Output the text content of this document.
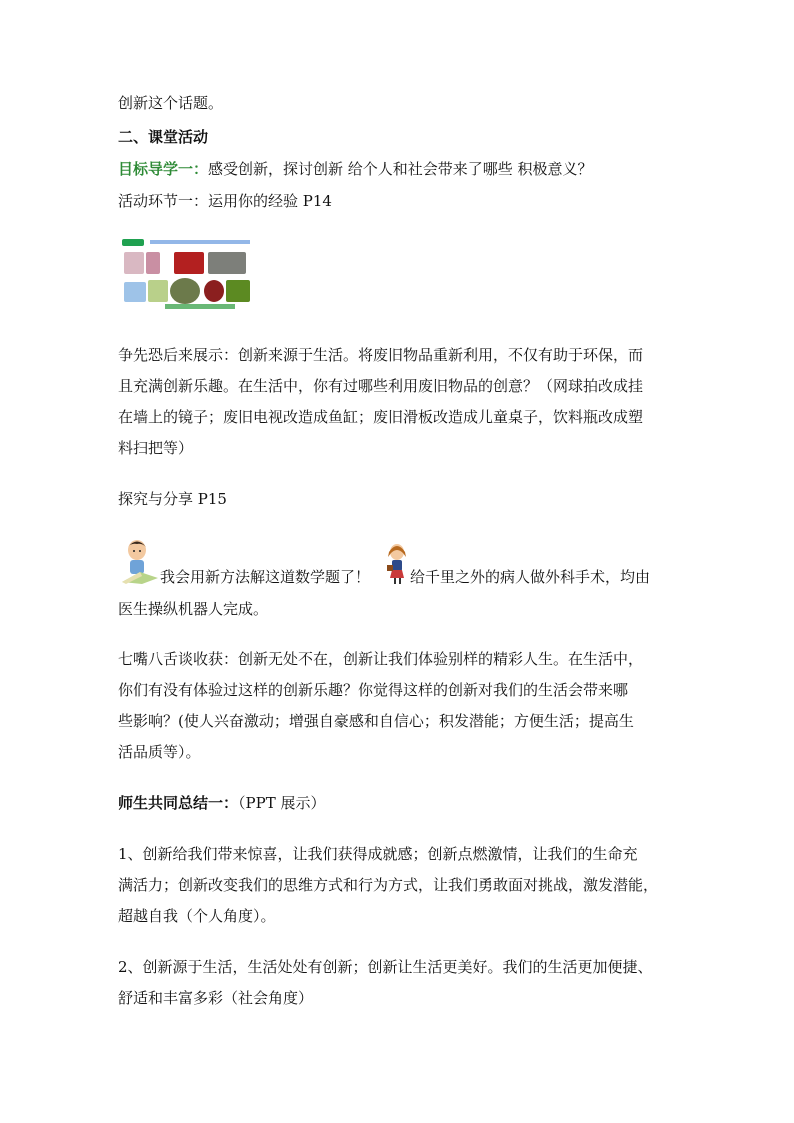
创新这个话题。
二、课堂活动
目标导学一：感受创新，探讨创新 给个人和社会带来了哪些 积极意义？
活动环节一：运用你的经验 P14
争先恐后来展示：创新来源于生活。将废旧物品重新利用，不仅有助于环保，而
且充满创新乐趣。在生活中，你有过哪些利用废旧物品的创意？（网球拍改成挂
在墙上的镜子；废旧电视改造成鱼缸；废旧滑板改造成儿童桌子，饮料瓶改成塑
料扫把等）
探究与分享 P15
我会用新方法解这道数学题了！	给千里之外的病人做外科手术，均由
医生操纵机器人完成。
七嘴八舌谈收获：创新无处不在，创新让我们体验别样的精彩人生。在生活中，
你们有没有体验过这样的创新乐趣？你觉得这样的创新对我们的生活会带来哪
些影响？(使人兴奋激动；增强自豪感和自信心；积发潜能；方便生活；提高生
活品质等）。
师生共同总结一：（PPT 展示）
1、创新给我们带来惊喜，让我们获得成就感；创新点燃激情，让我们的生命充
满活力；创新改变我们的思维方式和行为方式，让我们勇敢面对挑战，激发潜能，
超越自我（个人角度）。
2、创新源于生活，生活处处有创新；创新让生活更美好。我们的生活更加便捷、
舒适和丰富多彩（社会角度）
